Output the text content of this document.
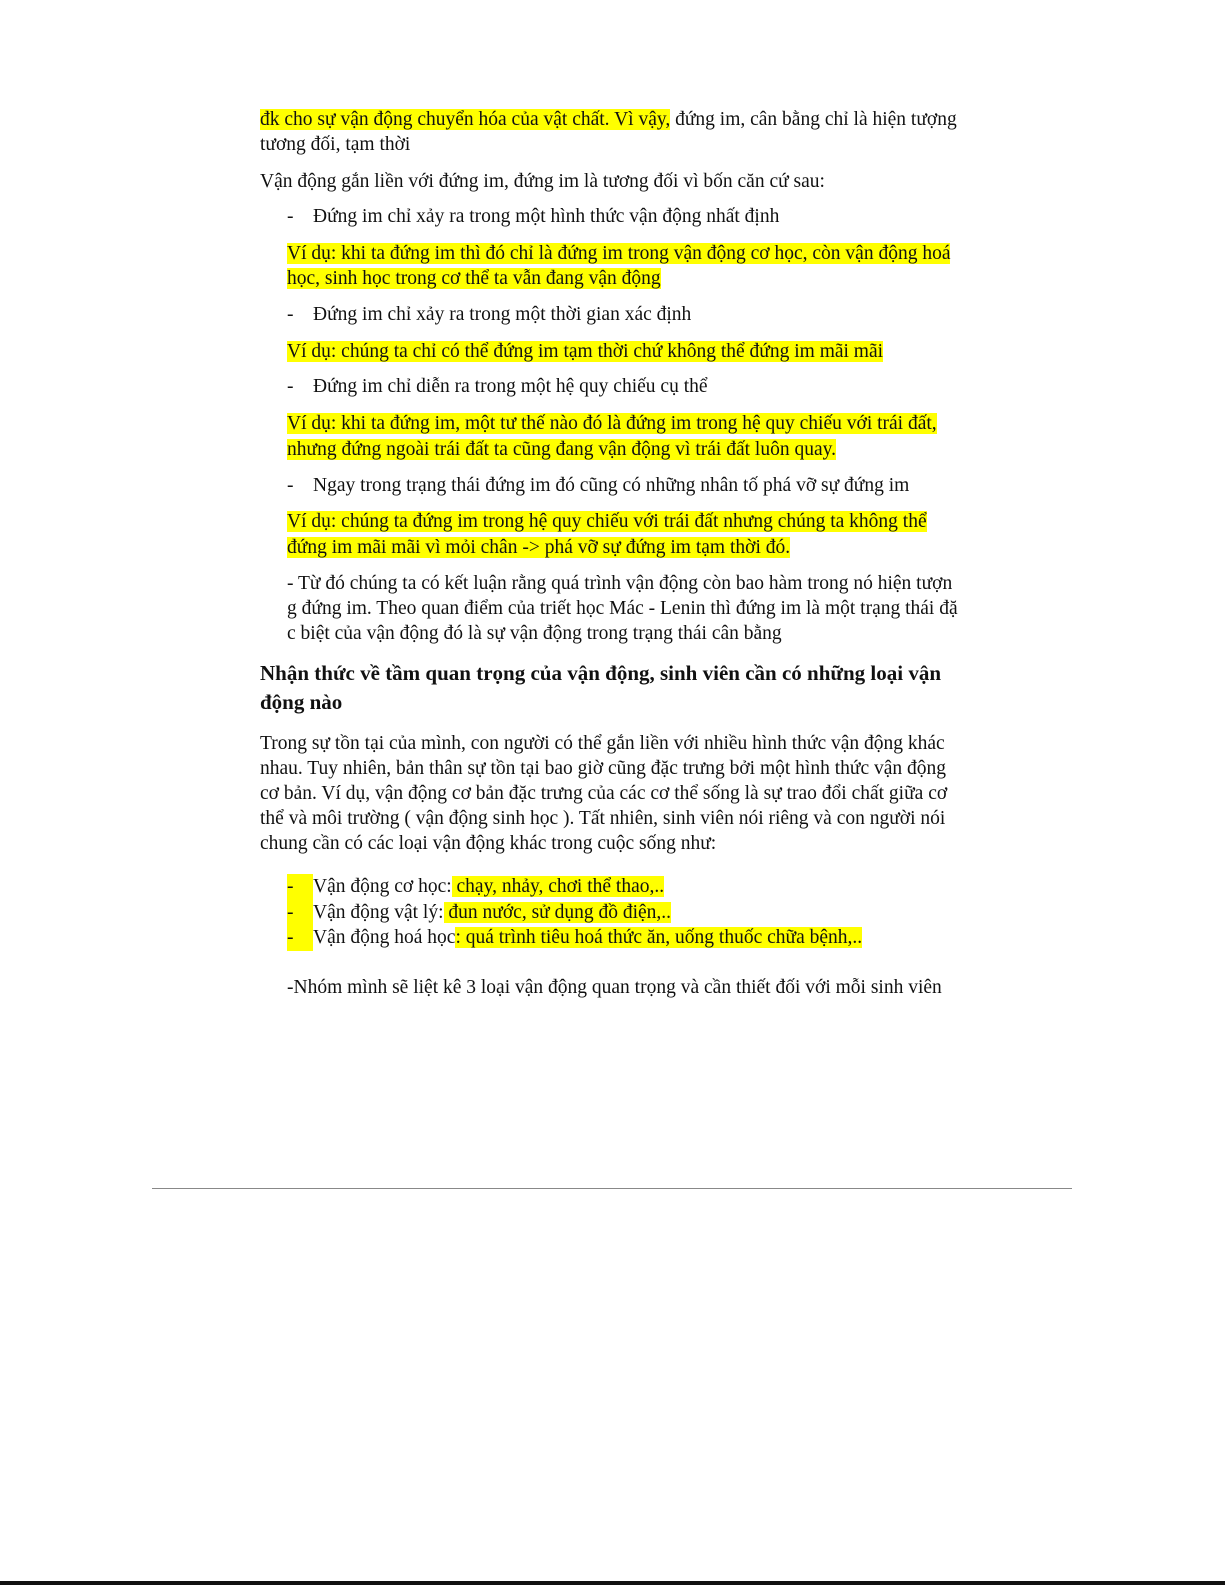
đk cho sự vận động chuyển hóa của vật chất. Vì vậy, đứng im, cân bằng chỉ là hiện tượng
tương đối, tạm thời
Vận động gắn liền với đứng im, đứng im là tương đối vì bốn căn cứ sau:
- Đứng im chỉ xảy ra trong một hình thức vận động nhất định
Ví dụ: khi ta đứng im thì đó chỉ là đứng im trong vận động cơ học, còn vận động hoá
học, sinh học trong cơ thể ta vẫn đang vận động
- Đứng im chỉ xảy ra trong một thời gian xác định
Ví dụ: chúng ta chỉ có thể đứng im tạm thời chứ không thể đứng im mãi mãi
- Đứng im chỉ diễn ra trong một hệ quy chiếu cụ thể
Ví dụ: khi ta đứng im, một tư thế nào đó là đứng im trong hệ quy chiếu với trái đất,
nhưng đứng ngoài trái đất ta cũng đang vận động vì trái đất luôn quay.
- Ngay trong trạng thái đứng im đó cũng có những nhân tố phá vỡ sự đứng im
Ví dụ: chúng ta đứng im trong hệ quy chiếu với trái đất nhưng chúng ta không thể
đứng im mãi mãi vì mỏi chân -> phá vỡ sự đứng im tạm thời đó.
- Từ đó chúng ta có kết luận rằng quá trình vận động còn bao hàm trong nó hiện tượn
g đứng im. Theo quan điểm của triết học Mác - Lenin thì đứng im là một trạng thái đặ
c biệt của vận động đó là sự vận động trong trạng thái cân bằng
Nhận thức về tầm quan trọng của vận động, sinh viên cần có những loại vận
động nào
Trong sự tồn tại của mình, con người có thể gắn liền với nhiều hình thức vận động khác
nhau. Tuy nhiên, bản thân sự tồn tại bao giờ cũng đặc trưng bởi một hình thức vận động
cơ bản. Ví dụ, vận động cơ bản đặc trưng của các cơ thể sống là sự trao đổi chất giữa cơ
thể và môi trường ( vận động sinh học ). Tất nhiên, sinh viên nói riêng và con người nói
chung cần có các loại vận động khác trong cuộc sống như:
- Vận động cơ học: chạy, nhảy, chơi thể thao,..
- Vận động vật lý: đun nước, sử dụng đồ điện,..
- Vận động hoá học: quá trình tiêu hoá thức ăn, uống thuốc chữa bệnh,..
-Nhóm mình sẽ liệt kê 3 loại vận động quan trọng và cần thiết đối với mỗi sinh viên
